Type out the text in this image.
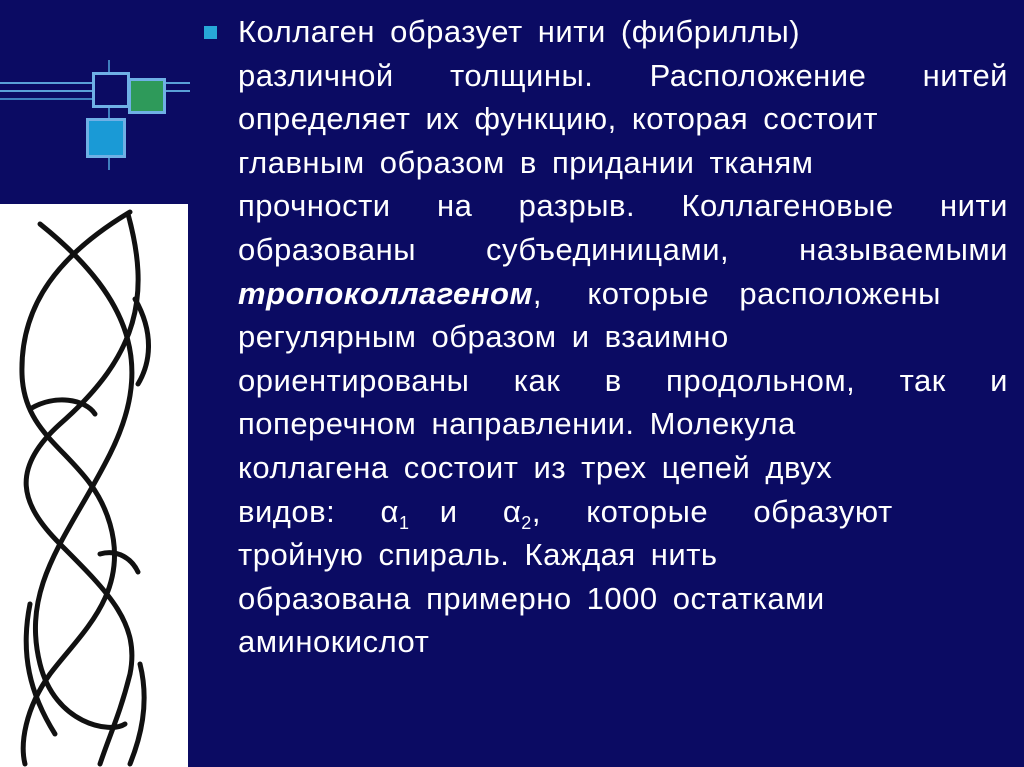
Коллаген образует нити (фибриллы)
различной толщины. Расположение нитей
определяет их функцию, которая состоит
главным образом в придании тканям
прочности на разрыв. Коллагеновые нити
образованы субъединицами, называемыми
тропоколлагеном,   которые  расположены
регулярным образом и взаимно
ориентированы как в продольном, так и
поперечном направлении. Молекула
коллагена состоит из трех цепей двух
видов:   $\alpha_1$  и   $\alpha_2$,   которые   образуют
тройную спираль. Каждая нить
образована примерно 1000 остатками
аминокислот
